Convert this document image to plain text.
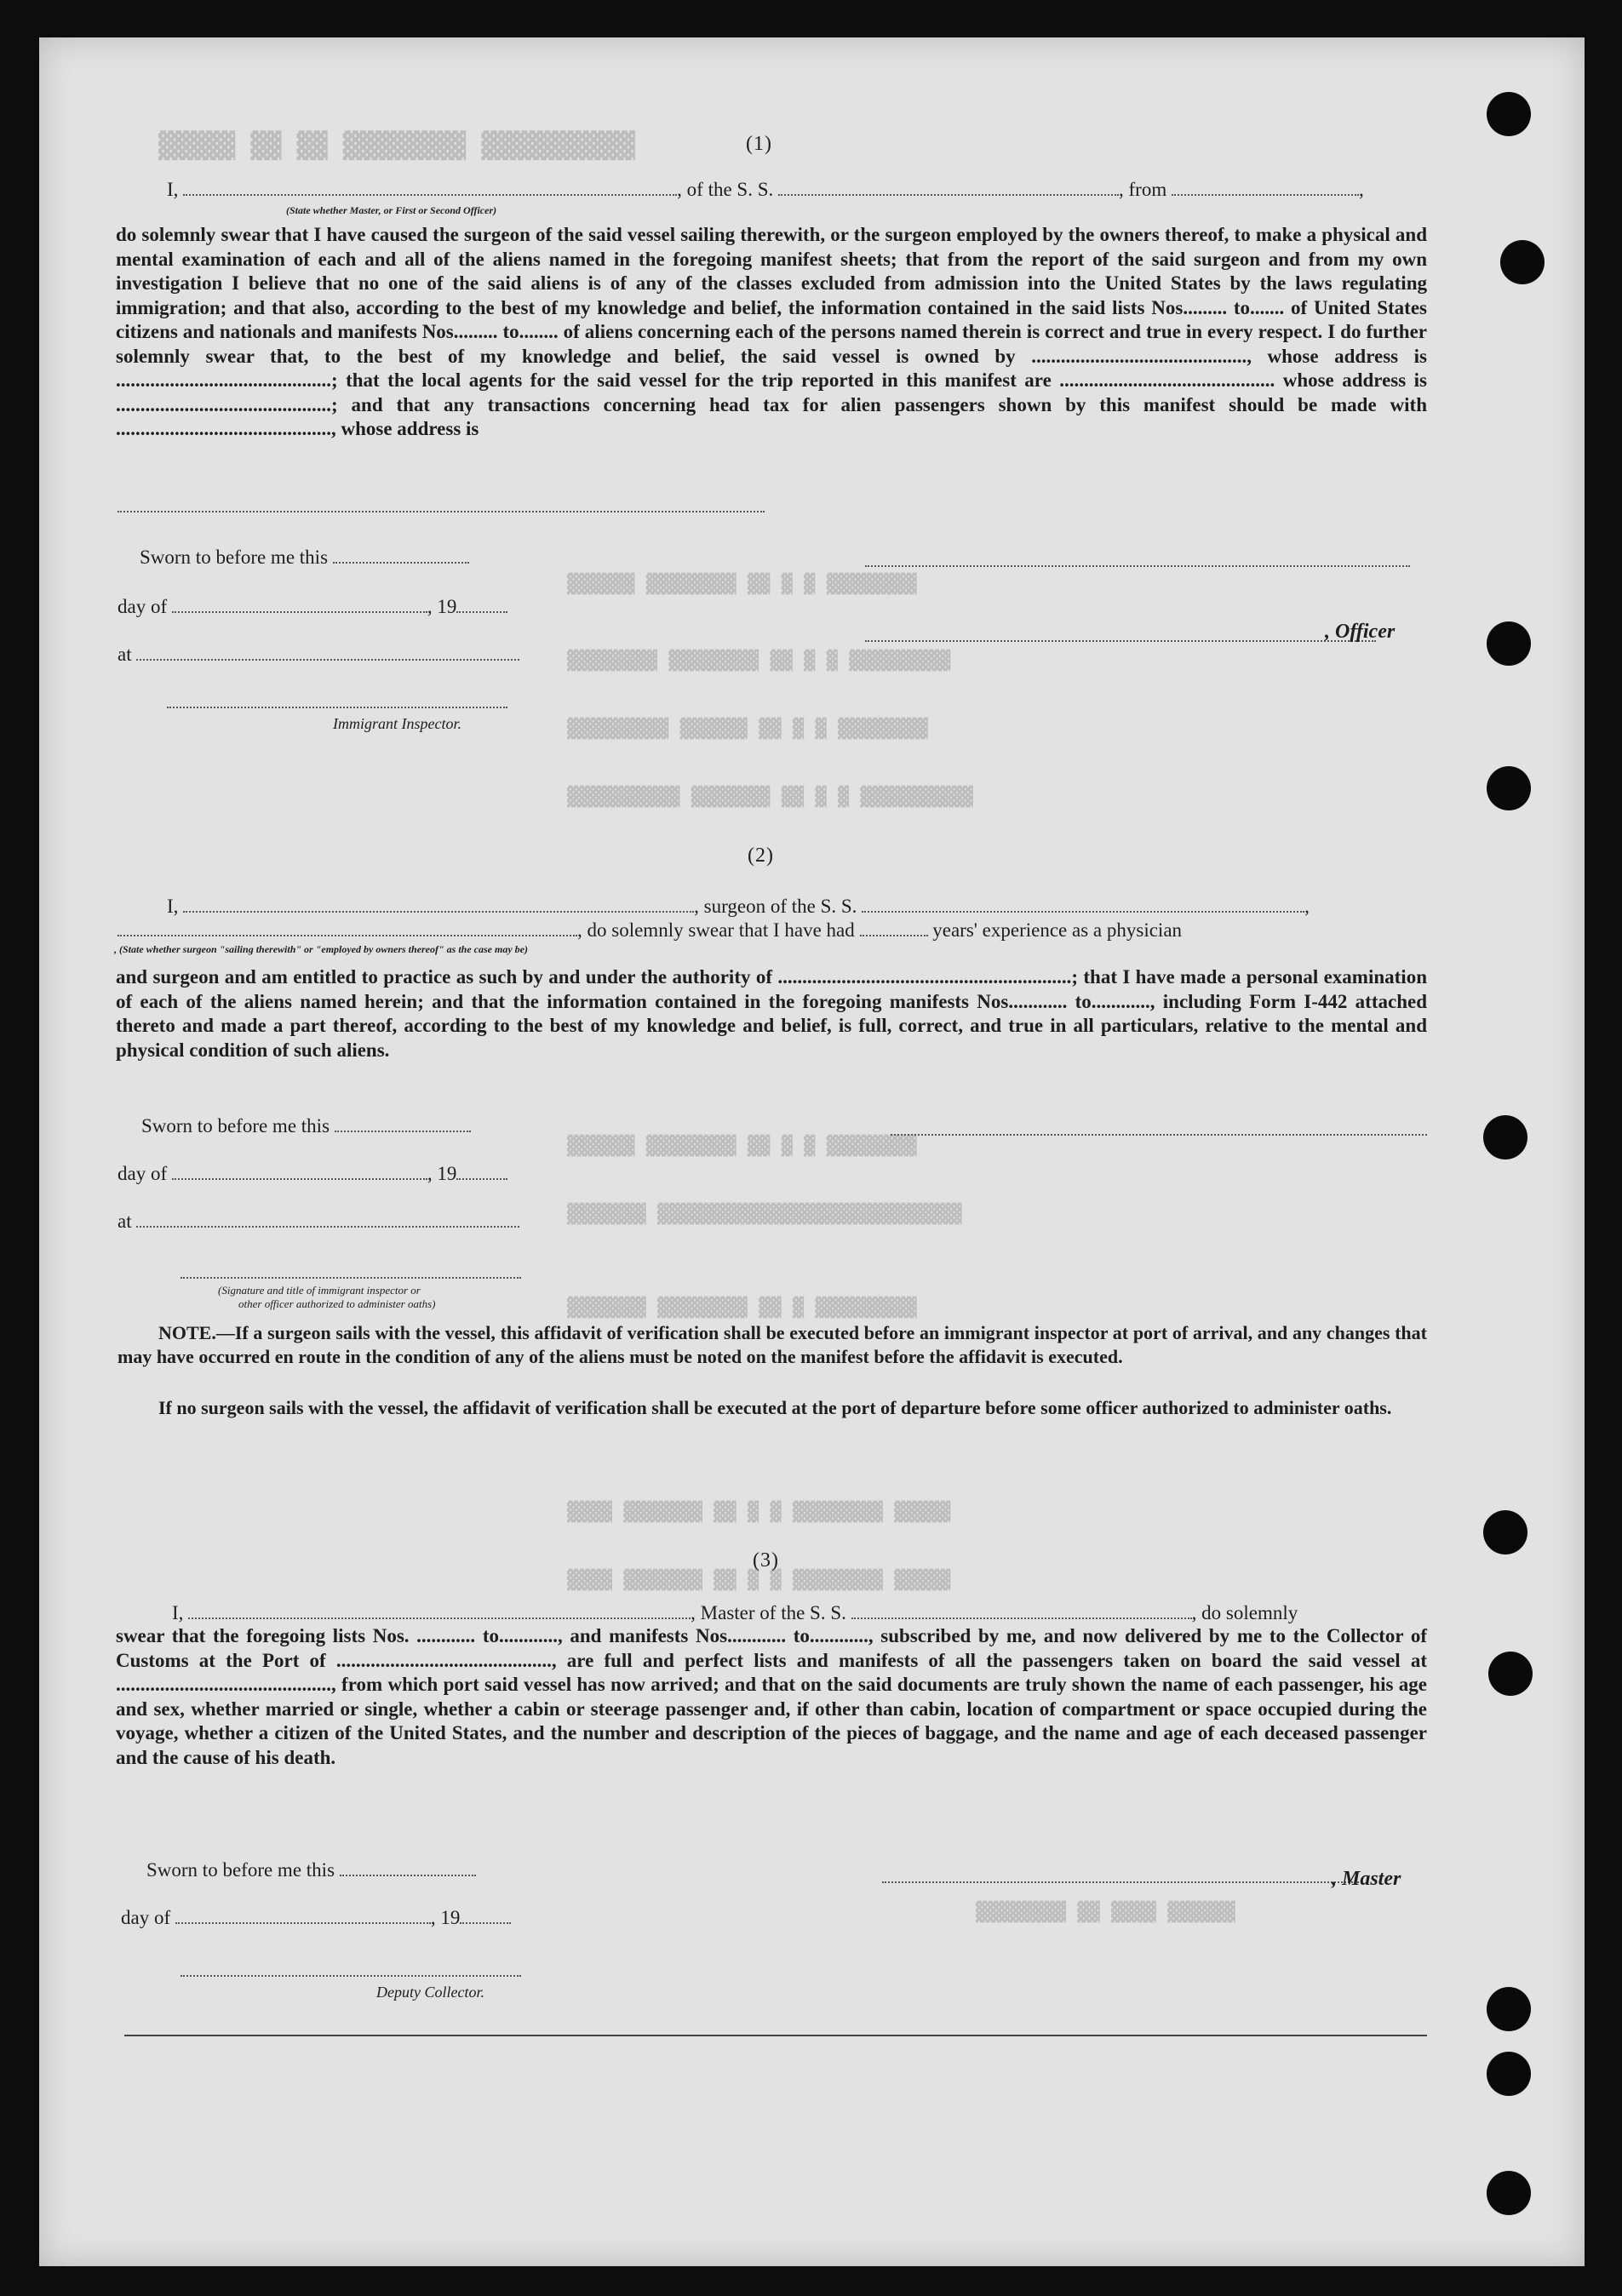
▓▓▓▓▓ ▓▓ ▓▓ ▓▓▓▓▓▓▓▓ ▓▓▓▓▓▓▓▓▓▓
▓▓▓▓▓▓ ▓▓▓▓▓▓▓▓ ▓▓ ▓ ▓ ▓▓▓▓▓▓▓▓
▓▓▓▓▓▓▓▓ ▓▓▓▓▓▓▓▓ ▓▓ ▓ ▓ ▓▓▓▓▓▓▓▓▓
▓▓▓▓▓▓▓▓▓ ▓▓▓▓▓▓ ▓▓ ▓ ▓ ▓▓▓▓▓▓▓▓
▓▓▓▓▓▓▓▓▓▓ ▓▓▓▓▓▓▓ ▓▓ ▓ ▓ ▓▓▓▓▓▓▓▓▓▓
▓▓▓▓▓▓ ▓▓▓▓▓▓▓▓ ▓▓ ▓ ▓ ▓▓▓▓▓▓▓▓
▓▓▓▓▓▓▓ ▓▓▓▓▓▓▓▓▓▓▓▓▓▓▓▓▓▓▓▓▓▓▓▓▓▓▓
▓▓▓▓▓▓▓ ▓▓▓▓▓▓▓▓ ▓▓ ▓ ▓▓▓▓▓▓▓▓▓
▓▓▓▓ ▓▓▓▓▓▓▓ ▓▓ ▓ ▓ ▓▓▓▓▓▓▓▓ ▓▓▓▓▓
▓▓▓▓ ▓▓▓▓▓▓▓ ▓▓ ▓ ▓ ▓▓▓▓▓▓▓▓ ▓▓▓▓▓
▓▓▓▓▓▓▓▓ ▓▓ ▓▓▓▓ ▓▓▓▓▓▓
(1)
I,	, of the S. S.	, from	,
(State whether Master, or First or Second Officer)
do solemnly swear that I have caused the surgeon of the said vessel sailing therewith, or the surgeon employed by the owners thereof, to make a physical and mental examination of each and all of the aliens named in the foregoing manifest sheets; that from the report of the said surgeon and from my own investigation I believe that no one of the said aliens is of any of the classes excluded from admission into the United States by the laws regulating immigration; and that also, according to the best of my knowledge and belief, the information contained in the said lists Nos......... to....... of United States citizens and nationals and manifests Nos......... to........ of aliens concerning each of the persons named therein is correct and true in every respect. I do further solemnly swear that, to the best of my knowledge and belief, the said vessel is owned by ............................................, whose address is ............................................; that the local agents for the said vessel for the trip reported in this manifest are ............................................ whose address is ............................................; and that any transactions concerning head tax for alien passengers shown by this manifest should be made with ............................................, whose address is
Sworn to before me this
day of	, 19
at
Immigrant Inspector.
, Officer
(2)
I,	, surgeon of the S. S.	,
, do solemnly swear that I have had	years' experience as a physician
, (State whether surgeon "sailing therewith" or "employed by owners thereof" as the case may be)
and surgeon and am entitled to practice as such by and under the authority of ............................................................; that I have made a personal examination of each of the aliens named herein; and that the information contained in the foregoing manifests Nos............ to............, including Form I-442 attached thereto and made a part thereof, according to the best of my knowledge and belief, is full, correct, and true in all particulars, relative to the mental and physical condition of such aliens.
Sworn to before me this
day of	, 19
at
(Signature and title of immigrant inspector or
other officer authorized to administer oaths)
NOTE.—If a surgeon sails with the vessel, this affidavit of verification shall be executed before an immigrant inspector at port of arrival, and any changes that may have occurred en route in the condition of any of the aliens must be noted on the manifest before the affidavit is executed.
If no surgeon sails with the vessel, the affidavit of verification shall be executed at the port of departure before some officer authorized to administer oaths.
(3)
I,	, Master of the S. S.	, do solemnly
swear that the foregoing lists Nos. ............ to............, and manifests Nos............ to............, subscribed by me, and now delivered by me to the Collector of Customs at the Port of ............................................, are full and perfect lists and manifests of all the passengers taken on board the said vessel at ............................................, from which port said vessel has now arrived; and that on the said documents are truly shown the name of each passenger, his age and sex, whether married or single, whether a cabin or steerage passenger and, if other than cabin, location of compartment or space occupied during the voyage, whether a citizen of the United States, and the number and description of the pieces of baggage, and the name and age of each deceased passenger and the cause of his death.
Sworn to before me this
day of	, 19
, Master
Deputy Collector.
